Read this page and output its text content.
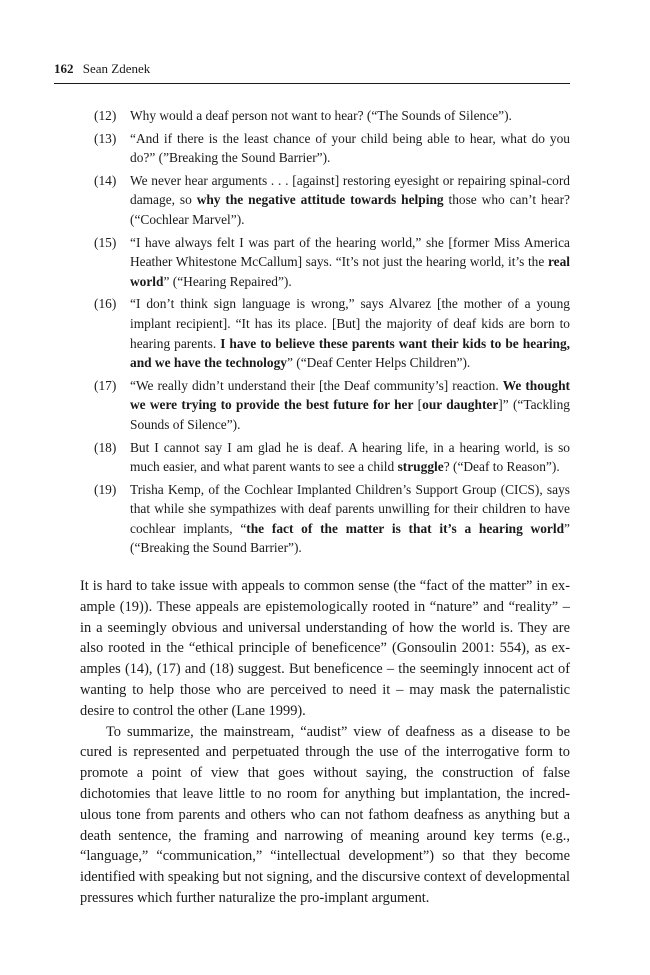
162 Sean Zdenek
(12)	Why would a deaf person not want to hear? (“The Sounds of Silence”).
(13)	“And if there is the least chance of your child being able to hear, what do you do?” (”Breaking the Sound Barrier”).
(14)	We never hear arguments . . . [against] restoring eyesight or repairing spinal-cord damage, so why the negative attitude towards helping those who can’t hear? (“Cochlear Marvel”).
(15)	“I have always felt I was part of the hearing world,” she [former Miss America Heather Whitestone McCallum] says. “It’s not just the hearing world, it’s the real world” (“Hearing Repaired”).
(16)	“I don’t think sign language is wrong,” says Alvarez [the mother of a young implant recipient]. “It has its place. [But] the majority of deaf kids are born to hearing parents. I have to believe these parents want their kids to be hearing, and we have the technology” (“Deaf Center Helps Children”).
(17)	“We really didn’t understand their [the Deaf community’s] reaction. We thought we were trying to provide the best future for her [our daughter]” (“Tackling Sounds of Silence”).
(18)	But I cannot say I am glad he is deaf. A hearing life, in a hearing world, is so much easier, and what parent wants to see a child struggle? (“Deaf to Reason”).
(19)	Trisha Kemp, of the Cochlear Implanted Children’s Support Group (CICS), says that while she sympathizes with deaf parents unwilling for their children to have cochlear implants, “the fact of the matter is that it’s a hearing world” (“Breaking the Sound Barrier”).

It is hard to take issue with appeals to common sense (the “fact of the matter” in example (19)). These appeals are epistemologically rooted in “nature” and “reality” – in a seemingly obvious and universal understanding of how the world is. They are also rooted in the “ethical principle of beneficence” (Gonsoulin 2001: 554), as examples (14), (17) and (18) suggest. But beneficence – the seemingly innocent act of wanting to help those who are perceived to need it – may mask the paternalistic desire to control the other (Lane 1999).

To summarize, the mainstream, “audist” view of deafness as a disease to be cured is represented and perpetuated through the use of the interrogative form to promote a point of view that goes without saying, the construction of false dichotomies that leave little to no room for anything but implantation, the incredulous tone from parents and others who can not fathom deafness as anything but a death sentence, the framing and narrowing of meaning around key terms (e.g., “language,” “communication,” “intellectual development”) so that they become identified with speaking but not signing, and the discursive context of developmental pressures which further naturalize the pro-implant argument.
